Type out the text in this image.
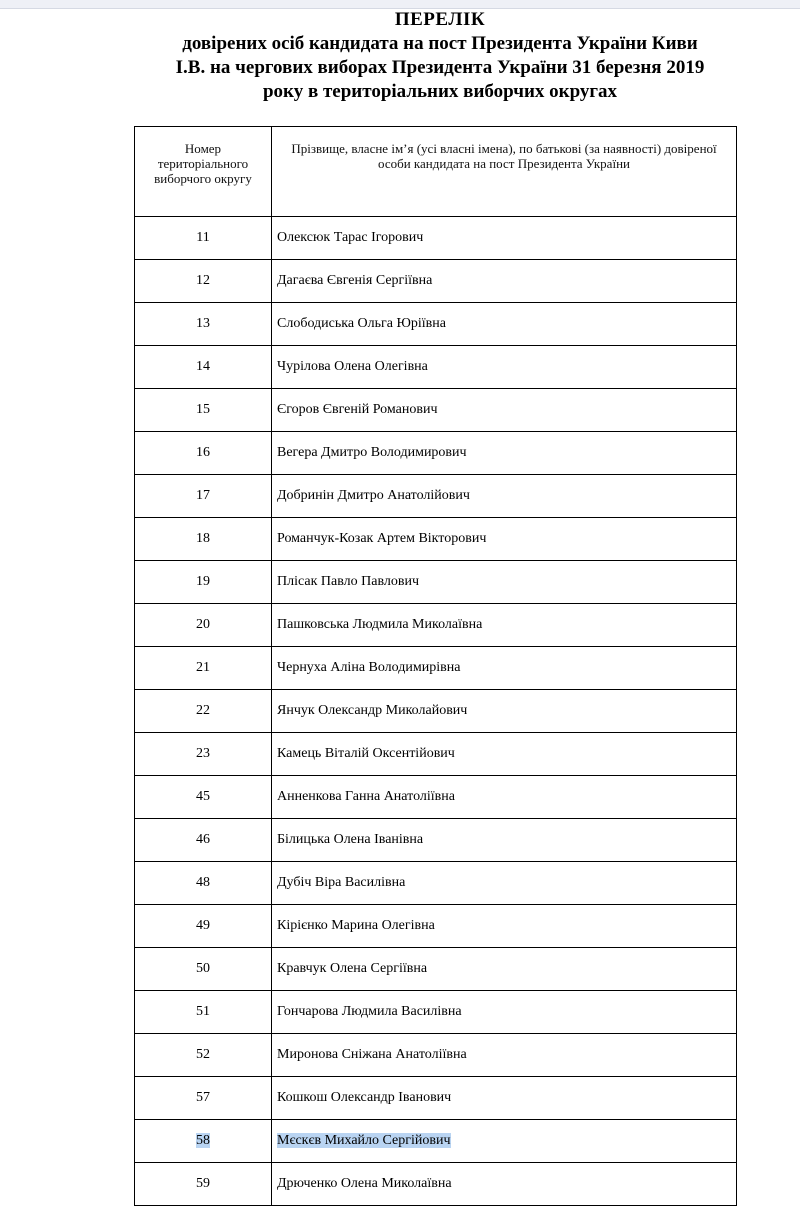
ПЕРЕЛІК
довірених осіб кандидата на пост Президента України Киви
І.В. на чергових виборах Президента України 31 березня 2019
року в територіальних виборчих округах
Номер територіального виборчого округу	Прізвище, власне ім’я (усі власні імена), по батькові (за наявності) довіреної особи кандидата на пост Президента України
11	Олексюк Тарас Ігорович
12	Дагаєва Євгенія Сергіївна
13	Слободиська Ольга Юріївна
14	Чурілова Олена Олегівна
15	Єгоров Євгеній Романович
16	Вегера Дмитро Володимирович
17	Добринін Дмитро Анатолійович
18	Романчук-Козак Артем Вікторович
19	Плісак Павло Павлович
20	Пашковська Людмила Миколаївна
21	Чернуха Аліна Володимирівна
22	Янчук Олександр Миколайович
23	Камець Віталій Оксентійович
45	Анненкова Ганна Анатоліївна
46	Білицька Олена Іванівна
48	Дубіч Віра Василівна
49	Кірієнко Марина Олегівна
50	Кравчук Олена Сергіївна
51	Гончарова Людмила Василівна
52	Миронова Сніжана Анатоліївна
57	Кошкош Олександр Іванович
58	Мєскєв Михайло Сергійович
59	Дрюченко Олена Миколаївна
